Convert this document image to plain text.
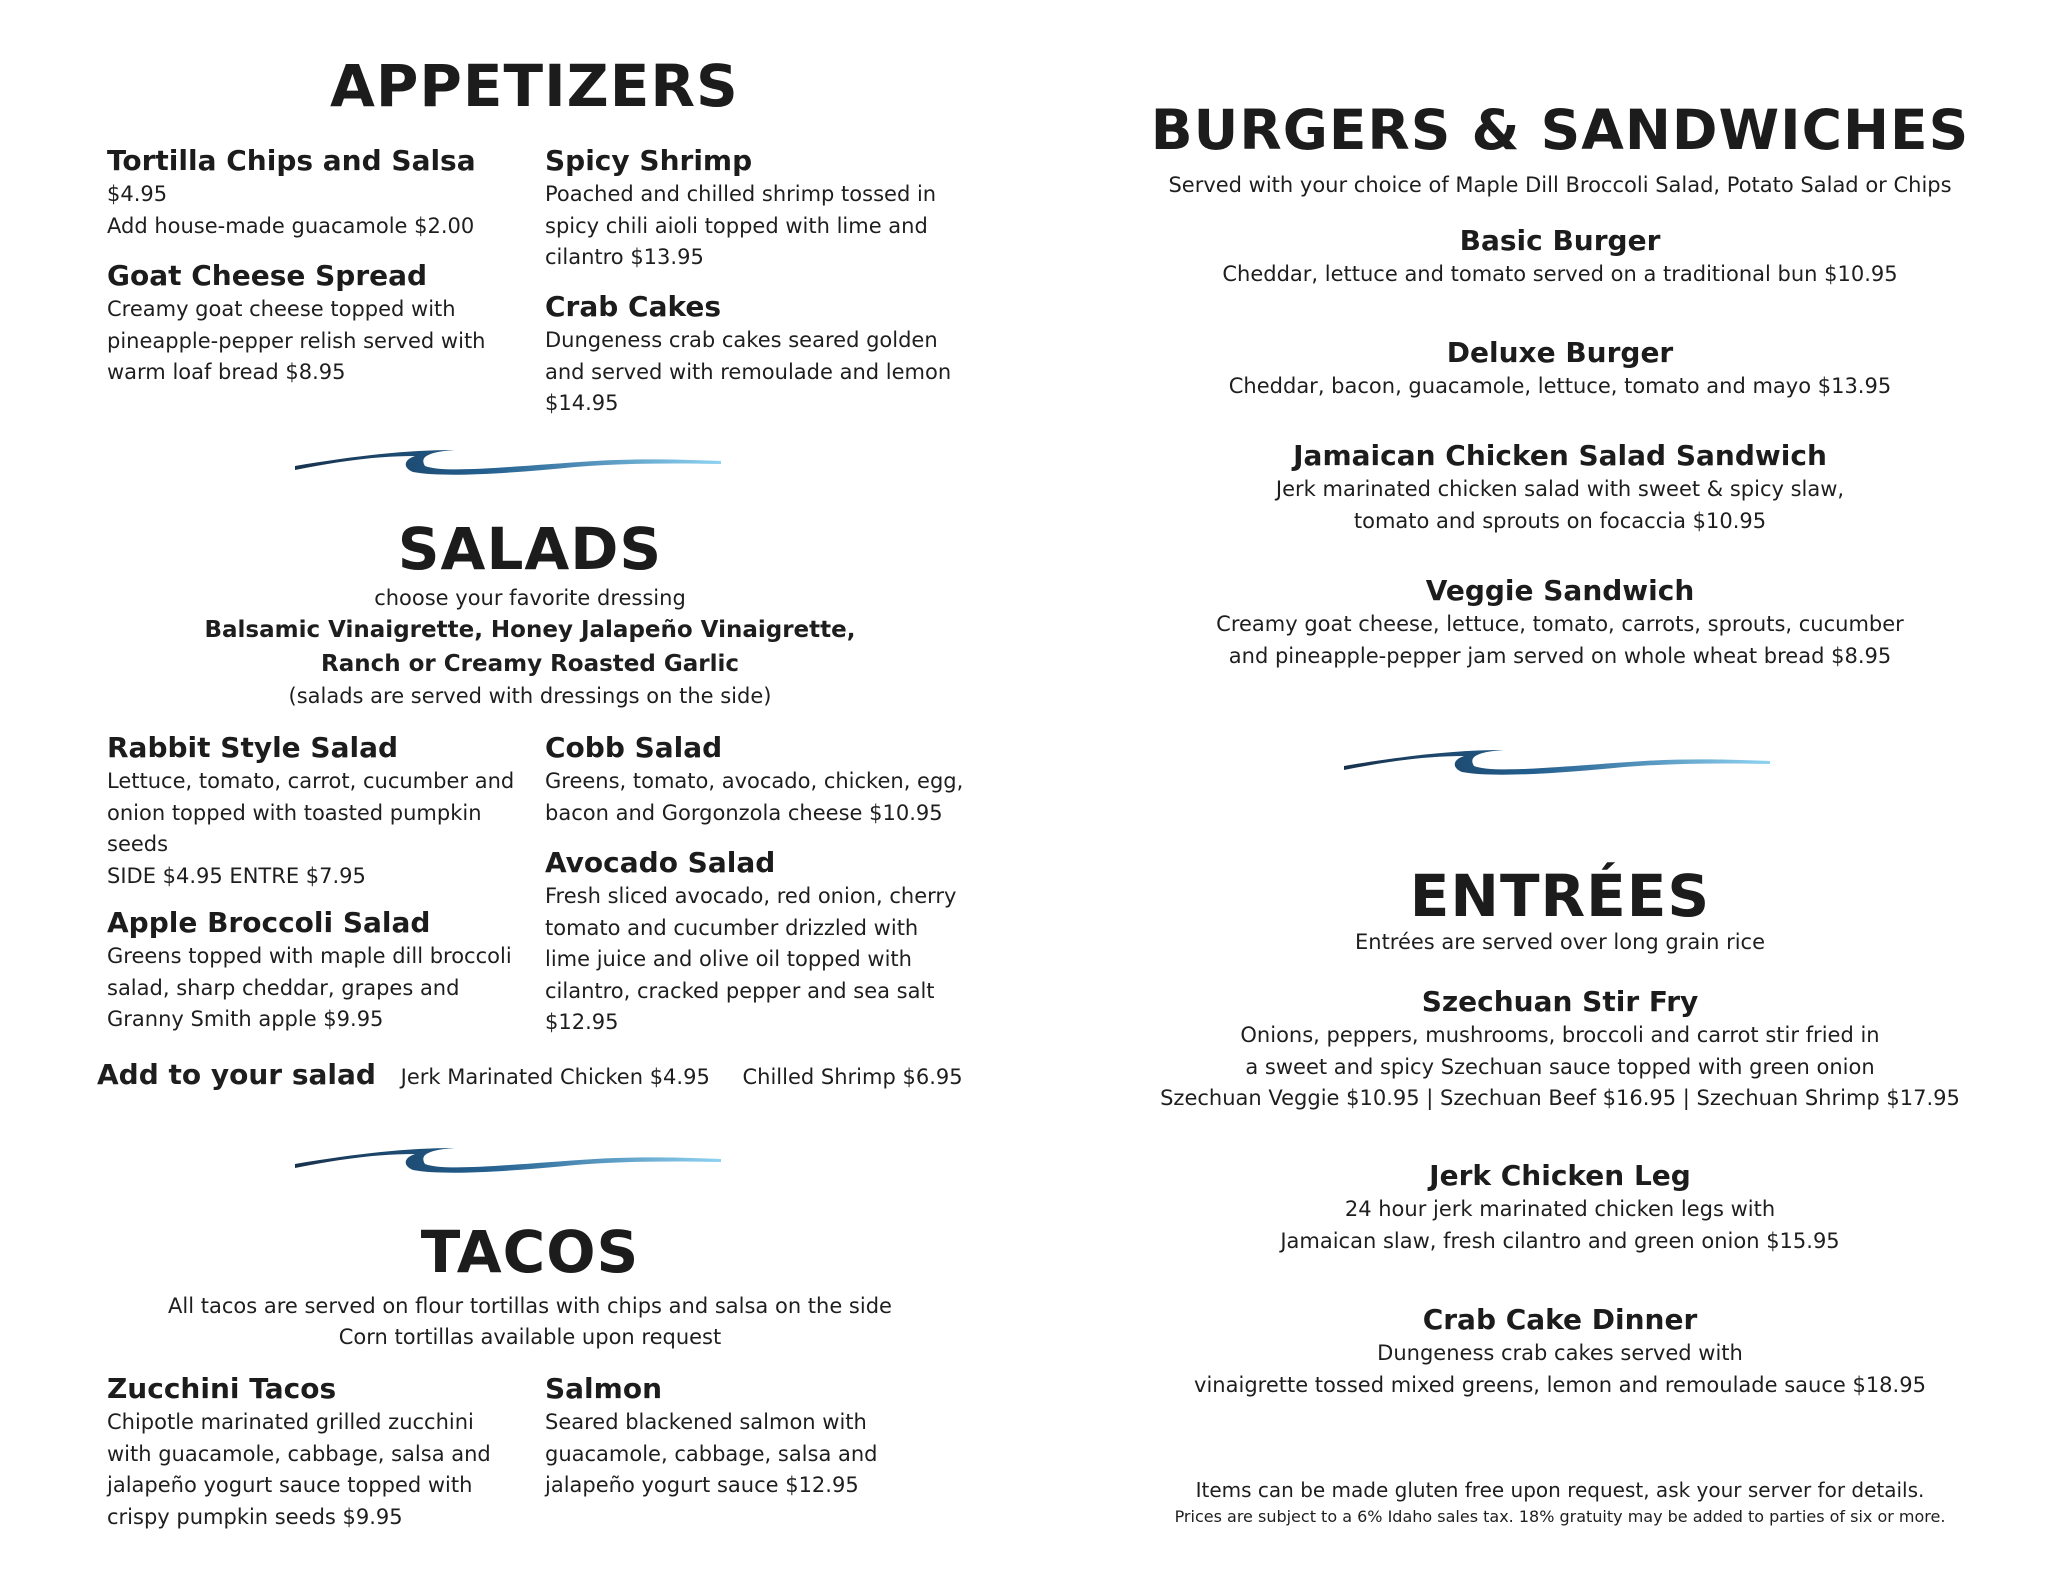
APPETIZERS

Tortilla Chips and Salsa

$4.95
Add house-made guacamole $2.00

Goat Cheese Spread

Creamy goat cheese topped with
pineapple-pepper relish served with
warm loaf bread $8.95

Spicy Shrimp

Poached and chilled shrimp tossed in
spicy chili aioli topped with lime and
cilantro $13.95

Crab Cakes

Dungeness crab cakes seared golden
and served with remoulade and lemon
$14.95

SALADS
choose your favorite dressing
Balsamic Vinaigrette, Honey Jalapeño Vinaigrette,
Ranch or Creamy Roasted Garlic
(salads are served with dressings on the side)

Rabbit Style Salad

Lettuce, tomato, carrot, cucumber and
onion topped with toasted pumpkin
seeds
SIDE $4.95 ENTRE $7.95

Apple Broccoli Salad

Greens topped with maple dill broccoli
salad, sharp cheddar, grapes and
Granny Smith apple $9.95

Cobb Salad

Greens, tomato, avocado, chicken, egg,
bacon and Gorgonzola cheese $10.95

Avocado Salad

Fresh sliced avocado, red onion, cherry
tomato and cucumber drizzled with
lime juice and olive oil topped with
cilantro, cracked pepper and sea salt
$12.95

Add to your salad Jerk Marinated Chicken $4.95 Chilled Shrimp $6.95
TACOS
All tacos are served on flour tortillas with chips and salsa on the side
Corn tortillas available upon request

Zucchini Tacos

Chipotle marinated grilled zucchini
with guacamole, cabbage, salsa and
jalapeño yogurt sauce topped with
crispy pumpkin seeds $9.95

Salmon

Seared blackened salmon with
guacamole, cabbage, salsa and
jalapeño yogurt sauce $12.95

BURGERS & SANDWICHES
Served with your choice of Maple Dill Broccoli Salad, Potato Salad or Chips

Basic Burger

Cheddar, lettuce and tomato served on a traditional bun $10.95

Deluxe Burger

Cheddar, bacon, guacamole, lettuce, tomato and mayo $13.95

Jamaican Chicken Salad Sandwich

Jerk marinated chicken salad with sweet & spicy slaw,
tomato and sprouts on focaccia $10.95

Veggie Sandwich

Creamy goat cheese, lettuce, tomato, carrots, sprouts, cucumber
and pineapple-pepper jam served on whole wheat bread $8.95

ENTRÉES
Entrées are served over long grain rice

Szechuan Stir Fry

Onions, peppers, mushrooms, broccoli and carrot stir fried in
a sweet and spicy Szechuan sauce topped with green onion
Szechuan Veggie $10.95 | Szechuan Beef $16.95 | Szechuan Shrimp $17.95

Jerk Chicken Leg

24 hour jerk marinated chicken legs with
Jamaican slaw, fresh cilantro and green onion $15.95

Crab Cake Dinner

Dungeness crab cakes served with
vinaigrette tossed mixed greens, lemon and remoulade sauce $18.95

Items can be made gluten free upon request, ask your server for details.
Prices are subject to a 6% Idaho sales tax. 18% gratuity may be added to parties of six or more.
